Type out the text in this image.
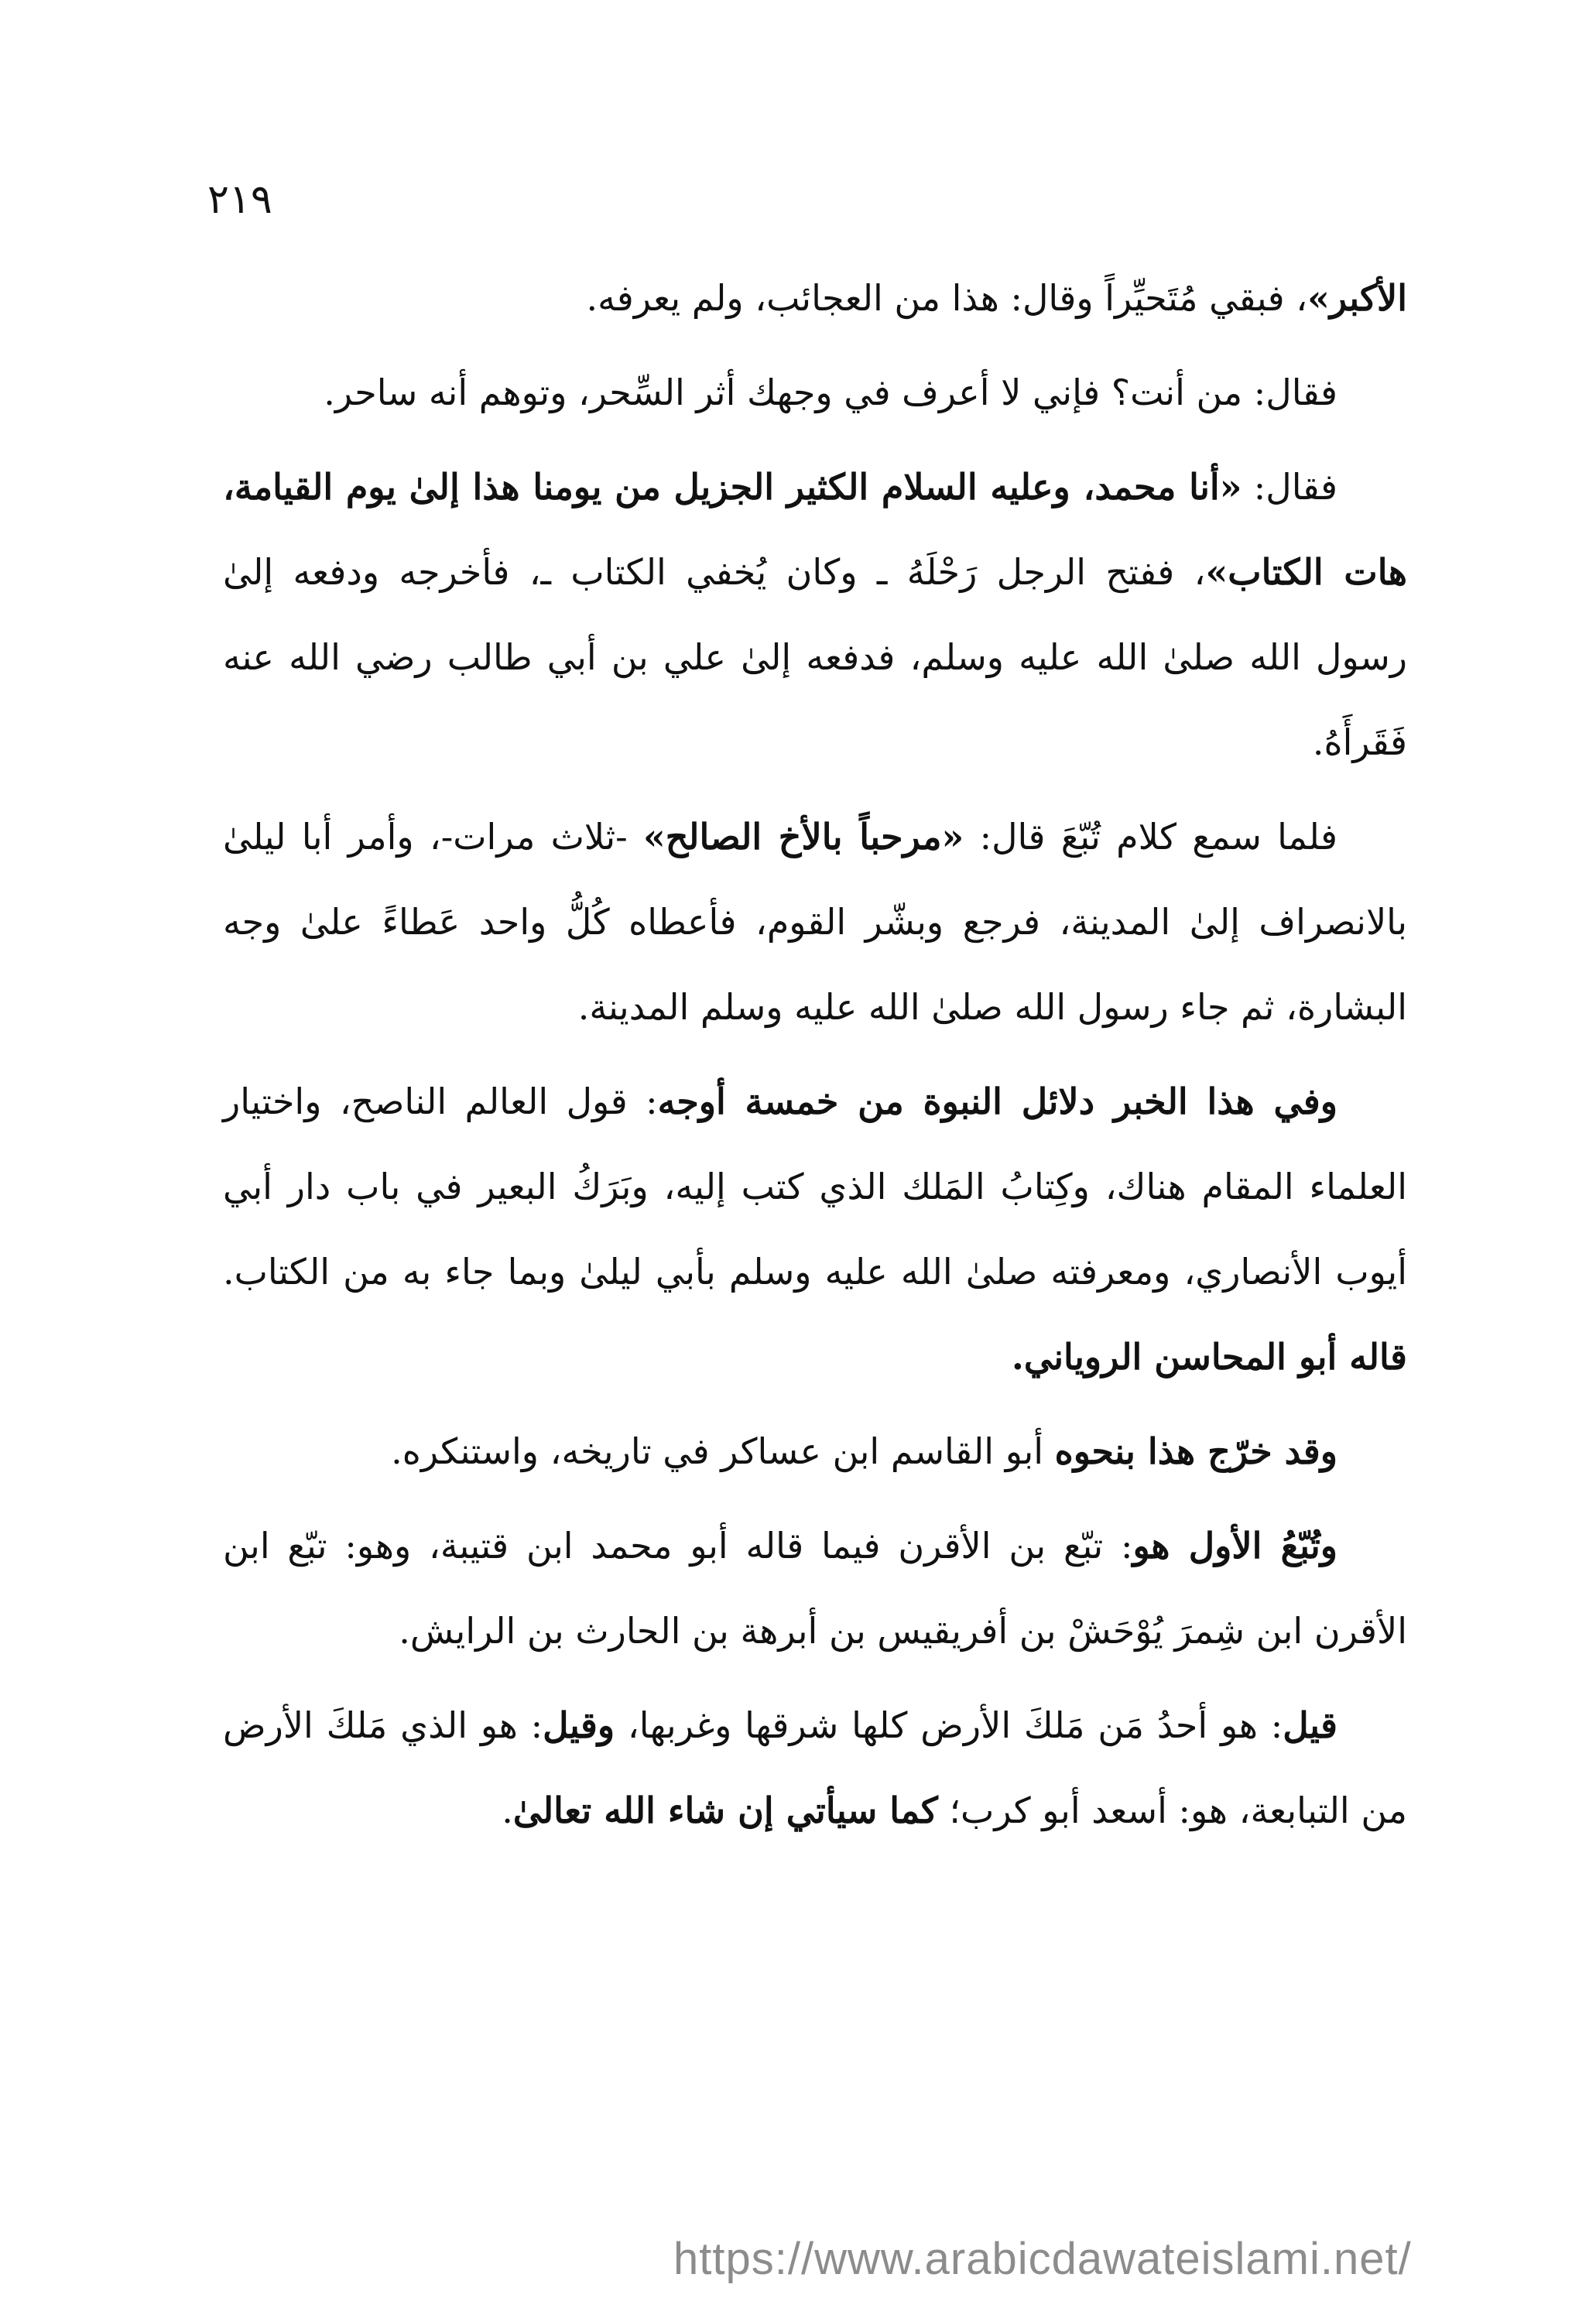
٢١٩

الأكبر»، فبقي مُتَحيِّراً وقال: هذا من العجائب، ولم يعرفه.

فقال: من أنت؟ فإني لا أعرف في وجهك أثر السِّحر، وتوهم أنه ساحر.

فقال: «أنا محمد، وعليه السلام الكثير الجزيل من يومنا هذا إلىٰ يوم القيامة، هات الكتاب»، ففتح الرجل رَحْلَهُ ـ وكان يُخفي الكتاب ـ، فأخرجه ودفعه إلىٰ رسول الله صلىٰ الله عليه وسلم، فدفعه إلىٰ علي بن أبي طالب رضي الله عنه فَقَرأَهُ.

فلما سمع كلام تُبّعَ قال: «مرحباً بالأخ الصالح» -ثلاث مرات-، وأمر أبا ليلىٰ بالانصراف إلىٰ المدينة، فرجع وبشّر القوم، فأعطاه كُلُّ واحد عَطاءً علىٰ وجه البشارة، ثم جاء رسول الله صلىٰ الله عليه وسلم المدينة.

وفي هذا الخبر دلائل النبوة من خمسة أوجه: قول العالم الناصح، واختيار العلماء المقام هناك، وكِتابُ المَلك الذي كتب إليه، وبَرَكُ البعير في باب دار أبي أيوب الأنصاري، ومعرفته صلىٰ الله عليه وسلم بأبي ليلىٰ وبما جاء به من الكتاب. قاله أبو المحاسن الروياني.

وقد خرّج هذا بنحوه أبو القاسم ابن عساكر في تاريخه، واستنكره.

وتُبّعُ الأول هو: تبّع بن الأقرن فيما قاله أبو محمد ابن قتيبة، وهو: تبّع ابن الأقرن ابن شِمرَ يُوْحَشْ بن أفريقيس بن أبرهة بن الحارث بن الرايش.

قيل: هو أحدُ مَن مَلكَ الأرض كلها شرقها وغربها، وقيل: هو الذي مَلكَ الأرض من التبابعة، هو: أسعد أبو كرب؛ كما سيأتي إن شاء الله تعالىٰ.

https://www.arabicdawateislami.net/
